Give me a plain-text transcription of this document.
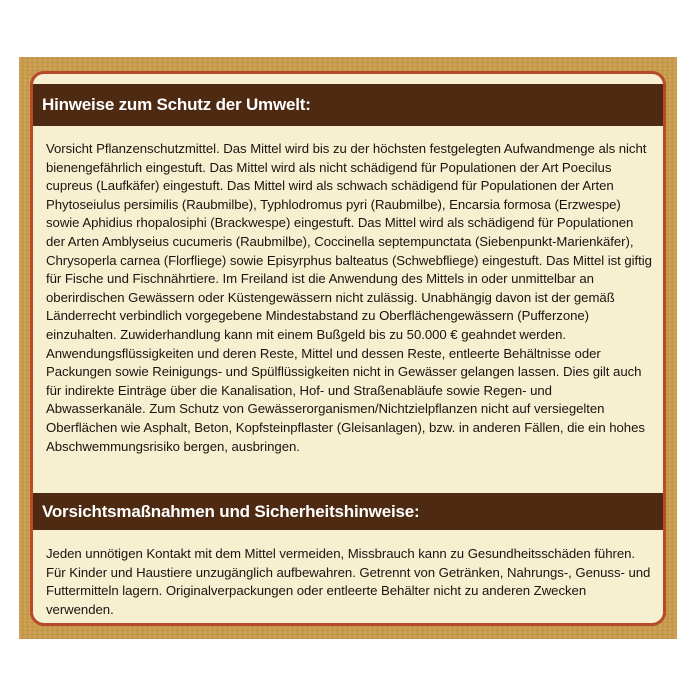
Hinweise zum Schutz der Umwelt:

Vorsicht Pflanzenschutzmittel. Das Mittel wird bis zu der höchsten festgelegten Aufwandmenge als nicht bienengefährlich eingestuft. Das Mittel wird als nicht schädigend für Populationen der Art Poecilus cupreus (Laufkäfer) eingestuft. Das Mittel wird als schwach schädigend für Populationen der Arten Phytoseiulus persimilis (Raubmilbe), Typhlodromus pyri (Raubmilbe), Encarsia formosa (Erzwespe) sowie Aphidius rhopalosiphi (Brackwespe) eingestuft. Das Mittel wird als schädigend für Populationen der Arten Amblyseius cucumeris (Raubmilbe), Coccinella septempunctata (Siebenpunkt-Marienkäfer), Chrysoperla carnea (Florfliege) sowie Episyrphus balteatus (Schwebfliege) eingestuft. Das Mittel ist giftig für Fische und Fischnährtiere. Im Freiland ist die Anwendung des Mittels in oder unmittelbar an oberirdischen Gewässern oder Küstengewässern nicht zulässig. Unabhängig davon ist der gemäß Länderrecht verbindlich vorgegebene Mindestabstand zu Oberflächengewässern (Pufferzone) einzuhalten. Zuwiderhandlung kann mit einem Bußgeld bis zu 50.000 € geahndet werden. Anwendungsflüssigkeiten und deren Reste, Mittel und dessen Reste, entleerte Behältnisse oder Packungen sowie Reinigungs- und Spülflüssigkeiten nicht in Gewässer gelangen lassen. Dies gilt auch für indirekte Einträge über die Kanalisation, Hof- und Straßenabläufe sowie Regen- und Abwasserkanäle. Zum Schutz von Gewässerorganismen/Nichtzielpflanzen nicht auf versiegelten Oberflächen wie Asphalt, Beton, Kopfsteinpflaster (Gleisanlagen), bzw. in anderen Fällen, die ein hohes Abschwemmungsrisiko bergen, ausbringen.

Vorsichtsmaßnahmen und Sicherheitshinweise:

Jeden unnötigen Kontakt mit dem Mittel vermeiden, Missbrauch kann zu Gesundheitsschäden führen. Für Kinder und Haustiere unzugänglich aufbewahren. Getrennt von Getränken, Nahrungs-, Genuss- und Futtermitteln lagern. Originalverpackungen oder entleerte Behälter nicht zu anderen Zwecken verwenden.
